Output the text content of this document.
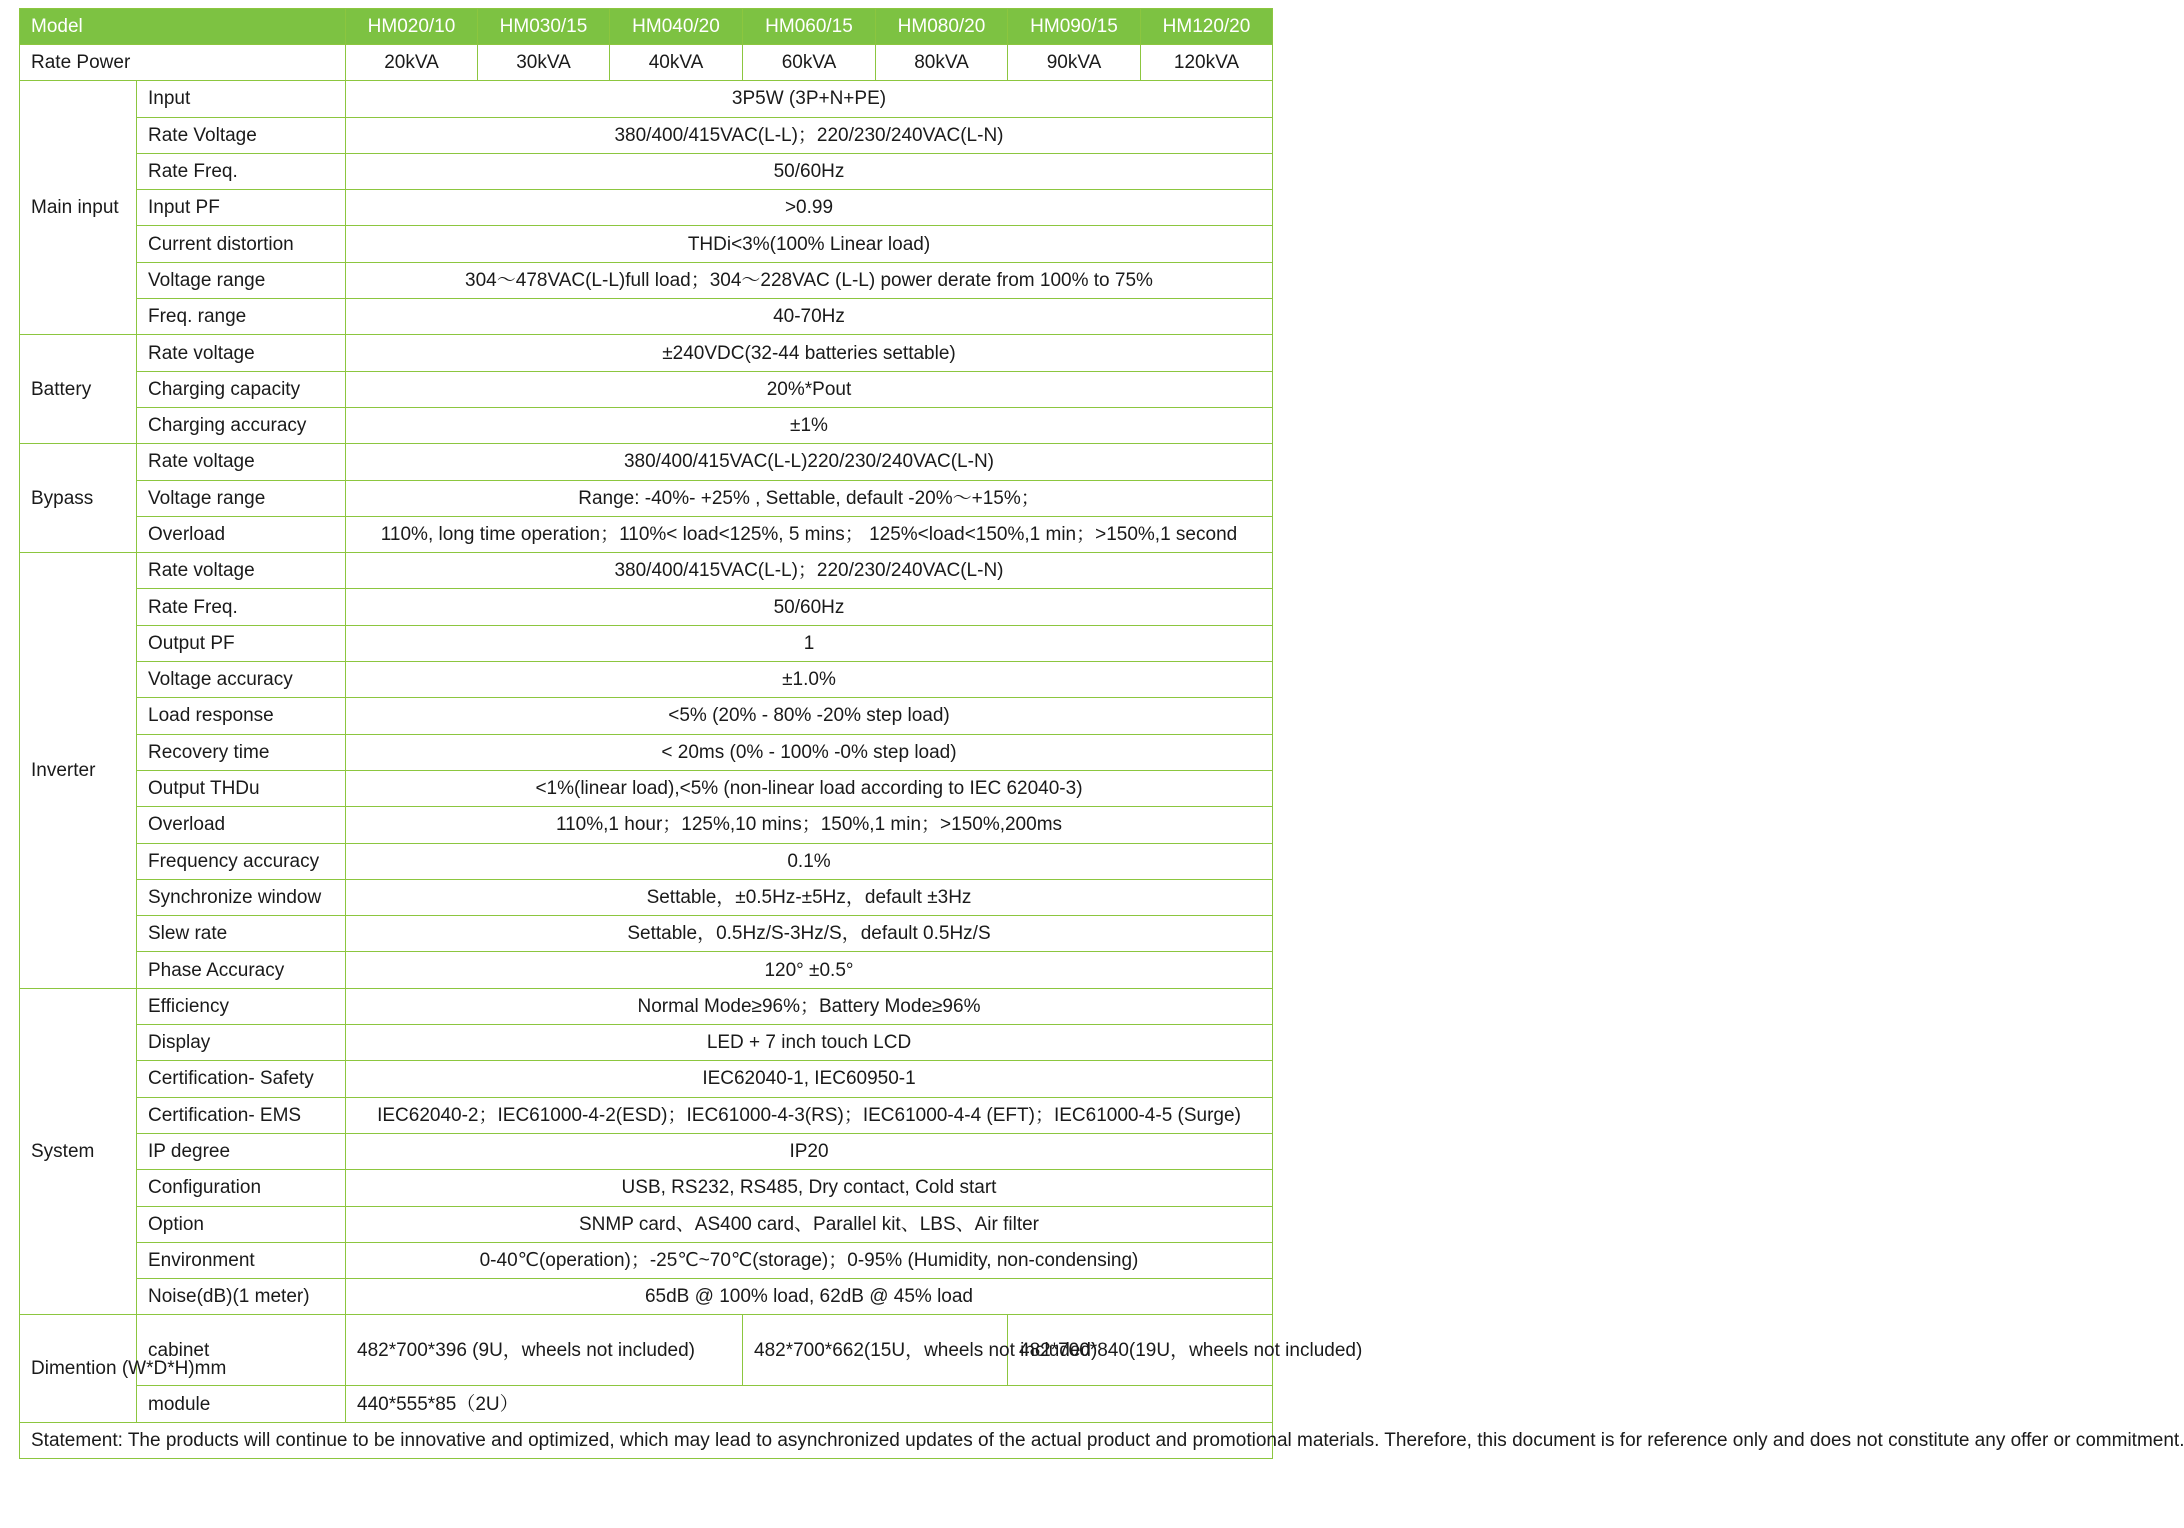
Model		HM020/10	HM030/15	HM040/20	HM060/15	HM080/20	HM090/15	HM120/20
Rate Power		20kVA	30kVA	40kVA	60kVA	80kVA	90kVA	120kVA
Main input	Input	3P5W (3P+N+PE)						
	Rate Voltage	380/400/415VAC(L-L)；220/230/240VAC(L-N)						
	Rate Freq.	50/60Hz						
	Input PF	>0.99						
	Current distortion	THDi<3%(100% Linear load)						
	Voltage range	304～478VAC(L-L)full load；304～228VAC (L-L) power derate from 100% to 75%						
	Freq. range	40-70Hz						
Battery	Rate voltage	±240VDC(32-44 batteries settable)						
	Charging capacity	20%*Pout						
	Charging accuracy	±1%						
Bypass	Rate voltage	380/400/415VAC(L-L)220/230/240VAC(L-N)						
	Voltage range	Range: -40%- +25% , Settable, default -20%～+15%；						
	Overload	110%, long time operation；110%< load<125%, 5 mins； 125%<load<150%,1 min；>150%,1 second						
Inverter	Rate voltage	380/400/415VAC(L-L)；220/230/240VAC(L-N)						
	Rate Freq.	50/60Hz						
	Output PF	1						
	Voltage accuracy	±1.0%						
	Load response	<5% (20% - 80% -20% step load)						
	Recovery time	< 20ms (0% - 100% -0% step load)						
	Output THDu	<1%(linear load),<5% (non-linear load according to IEC 62040-3)						
	Overload	110%,1 hour；125%,10 mins；150%,1 min；>150%,200ms						
	Frequency accuracy	0.1%						
	Synchronize window	Settable，±0.5Hz-±5Hz，default ±3Hz						
	Slew rate	Settable，0.5Hz/S-3Hz/S，default 0.5Hz/S						
	Phase Accuracy	120° ±0.5°						
System	Efficiency	Normal Mode≥96%；Battery Mode≥96%						
	Display	LED + 7 inch touch LCD						
	Certification- Safety	IEC62040-1, IEC60950-1						
	Certification- EMS	IEC62040-2；IEC61000-4-2(ESD)；IEC61000-4-3(RS)；IEC61000-4-4 (EFT)；IEC61000-4-5 (Surge)						
	IP degree	IP20						
	Configuration	USB, RS232, RS485, Dry contact, Cold start						
	Option	SNMP card、AS400 card、Parallel kit、LBS、Air filter						
	Environment	0-40℃(operation)；-25℃~70℃(storage)；0-95% (Humidity, non-condensing)						
	Noise(dB)(1 meter)	65dB @ 100% load, 62dB @ 45% load						
Dimention (W*D*H)mm	cabinet	482*700*396 (9U，wheels not included)			482*700*662(15U，wheels not included)		482*700*840(19U，wheels not included)	
	module	440*555*85（2U）						
Statement: The products will continue to be innovative and optimized, which may lead to asynchronized updates of the actual product and promotional materials. Therefore, this document is for reference only and does not constitute any offer or commitment.								
